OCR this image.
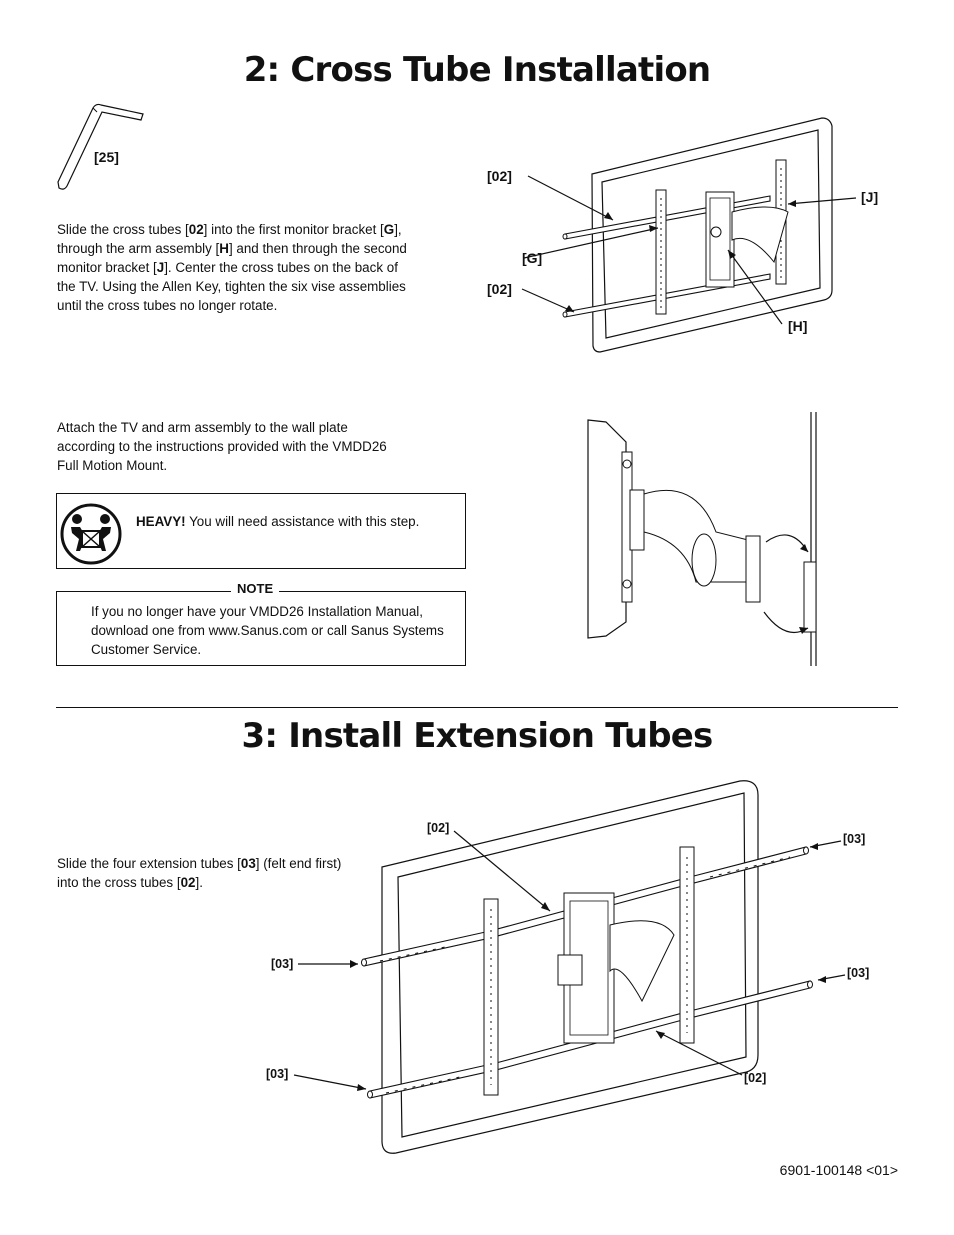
2: Cross Tube Installation
[25]
Slide the cross tubes [02] into the first monitor bracket [G], through the arm assembly [H] and then through the second monitor bracket [J]. Center the cross tubes on the back of the TV. Using the Allen Key, tighten the six vise assemblies until the cross tubes no longer rotate.
[02]
[G]
[02]
[H]
[J]
Attach the TV and arm assembly to the wall plate according to the instructions provided with the VMDD26 Full Motion Mount.
HEAVY! You will need assistance with this step.
If you no longer have your VMDD26 Installation Manual, download one from www.Sanus.com or call Sanus Systems Customer Service.
NOTE
3: Install Extension Tubes
Slide the four extension tubes [03] (felt end first) into the cross tubes [02].
[02]
[03]
[03]
[03]
[03]	[02]
6901-100148 <01>
